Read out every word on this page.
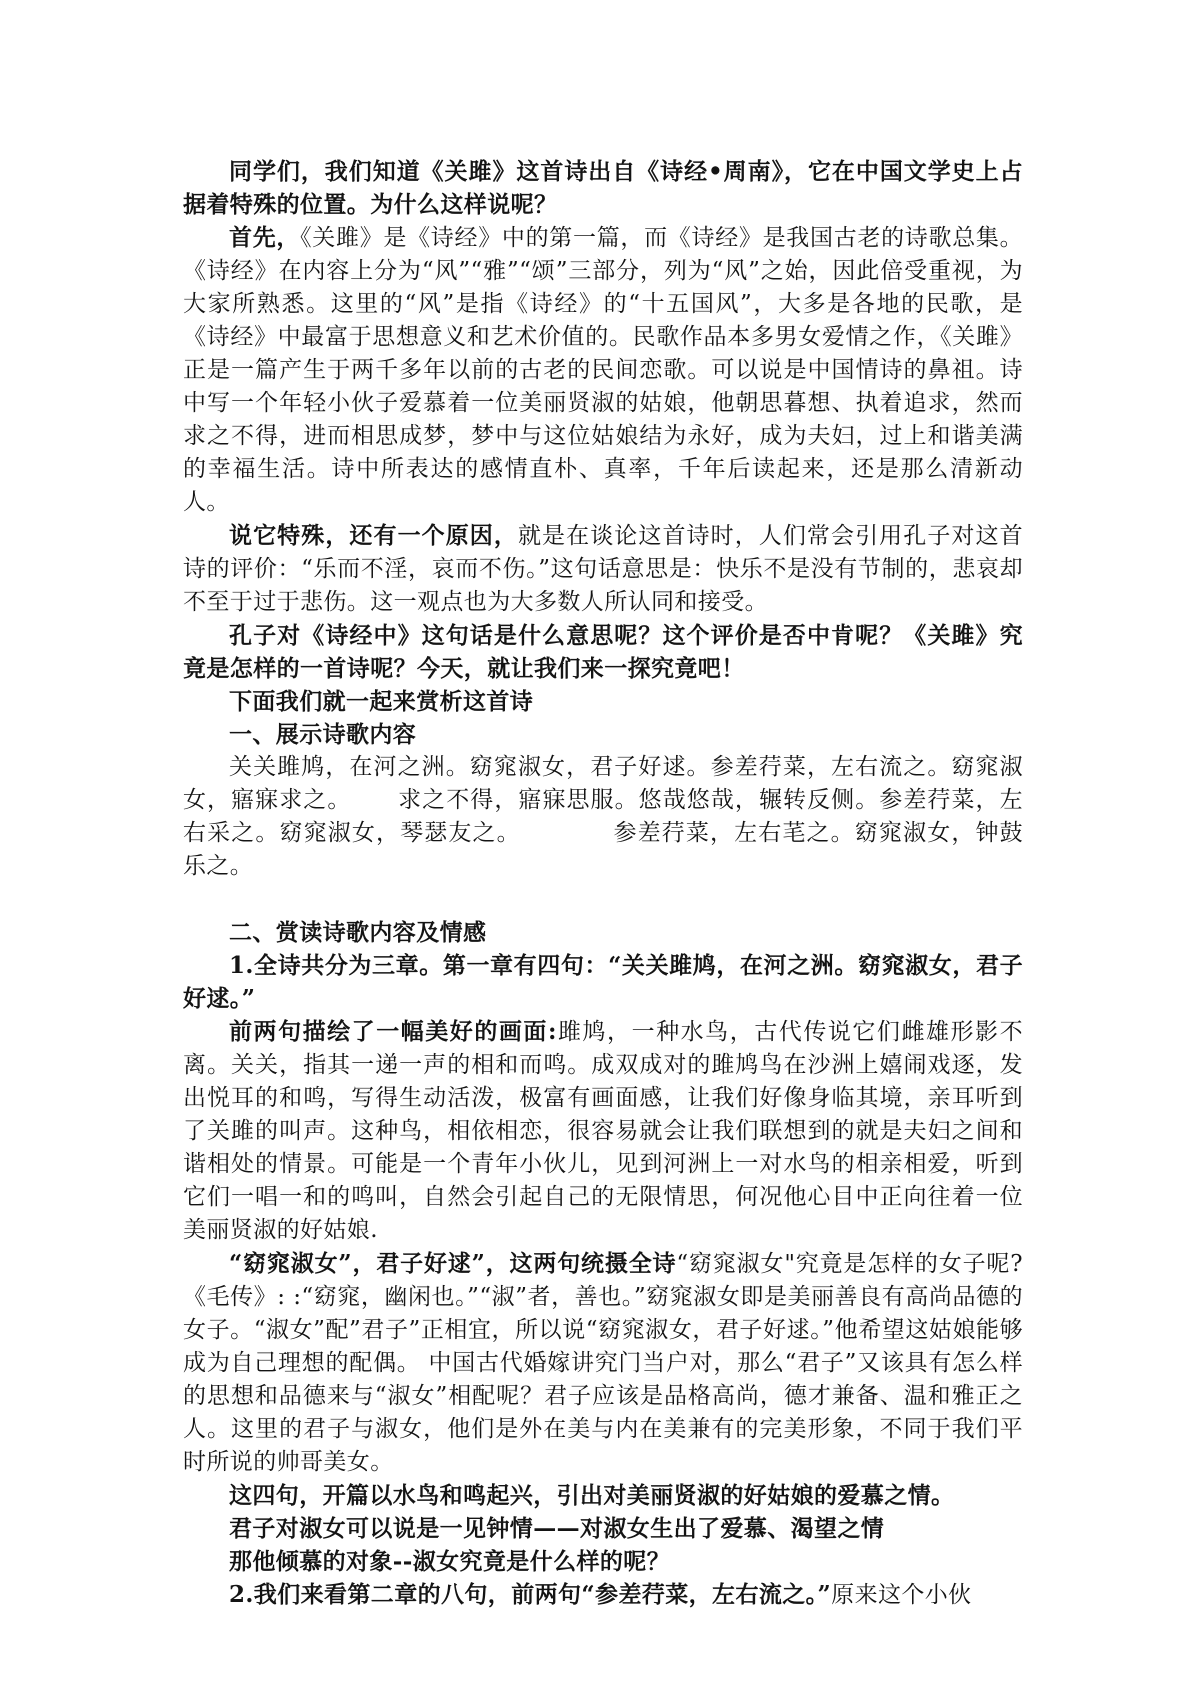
同学们，我们知道《关雎》这首诗出自《诗经•周南》，它在中国文学史上占据着特殊的位置。为什么这样说呢？

首先，《关雎》是《诗经》中的第一篇，而《诗经》是我国古老的诗歌总集。《诗经》在内容上分为“风”“雅”“颂”三部分，列为“风”之始，因此倍受重视，为大家所熟悉。这里的“风”是指《诗经》的“十五国风”，大多是各地的民歌，是《诗经》中最富于思想意义和艺术价值的。民歌作品本多男女爱情之作，《关雎》正是一篇产生于两千多年以前的古老的民间恋歌。可以说是中国情诗的鼻祖。诗中写一个年轻小伙子爱慕着一位美丽贤淑的姑娘，他朝思暮想、执着追求，然而求之不得，进而相思成梦，梦中与这位姑娘结为永好，成为夫妇，过上和谐美满的幸福生活。诗中所表达的感情直朴、真率，千年后读起来，还是那么清新动人。

说它特殊，还有一个原因，就是在谈论这首诗时，人们常会引用孔子对这首诗的评价：“乐而不淫，哀而不伤。”这句话意思是：快乐不是没有节制的，悲哀却不至于过于悲伤。这一观点也为大多数人所认同和接受。

孔子对《诗经中》这句话是什么意思呢？这个评价是否中肯呢？《关雎》究竟是怎样的一首诗呢？今天，就让我们来一探究竟吧！

下面我们就一起来赏析这首诗

一、展示诗歌内容

关关雎鸠，在河之洲。窈窕淑女，君子好逑。参差荇菜，左右流之。窈窕淑女，寤寐求之。 求之不得，寤寐思服。悠哉悠哉，辗转反侧。参差荇菜，左右采之。窈窕淑女，琴瑟友之。	参差荇菜，左右芼之。窈窕淑女，钟鼓乐之。

二、赏读诗歌内容及情感

1.全诗共分为三章。第一章有四句：“关关雎鸠，在河之洲。窈窕淑女，君子好逑。”

前两句描绘了一幅美好的画面:雎鸠，一种水鸟，古代传说它们雌雄形影不离。关关，指其一递一声的相和而鸣。成双成对的雎鸠鸟在沙洲上嬉闹戏逐，发出悦耳的和鸣，写得生动活泼，极富有画面感，让我们好像身临其境，亲耳听到了关雎的叫声。这种鸟，相依相恋，很容易就会让我们联想到的就是夫妇之间和谐相处的情景。可能是一个青年小伙儿，见到河洲上一对水鸟的相亲相爱，听到它们一唱一和的鸣叫，自然会引起自己的无限情思，何况他心目中正向往着一位美丽贤淑的好姑娘.

“窈窕淑女”，君子好逑”，这两句统摄全诗“窈窕淑女"究竟是怎样的女子呢?《毛传》: :“窈窕，幽闲也。”“淑”者，善也。”窈窕淑女即是美丽善良有高尚品德的女子。“淑女”配”君子”正相宜，所以说“窈窕淑女，君子好逑。”他希望这姑娘能够成为自己理想的配偶。 中国古代婚嫁讲究门当户对，那么“君子”又该具有怎么样的思想和品德来与“淑女”相配呢？君子应该是品格高尚，德才兼备、温和雅正之人。这里的君子与淑女，他们是外在美与内在美兼有的完美形象，不同于我们平时所说的帅哥美女。

这四句，开篇以水鸟和鸣起兴，引出对美丽贤淑的好姑娘的爱慕之情。

君子对淑女可以说是一见钟情——对淑女生出了爱慕、渴望之情

那他倾慕的对象--淑女究竟是什么样的呢？

2.我们来看第二章的八句，前两句“参差荇菜，左右流之。”原来这个小伙
